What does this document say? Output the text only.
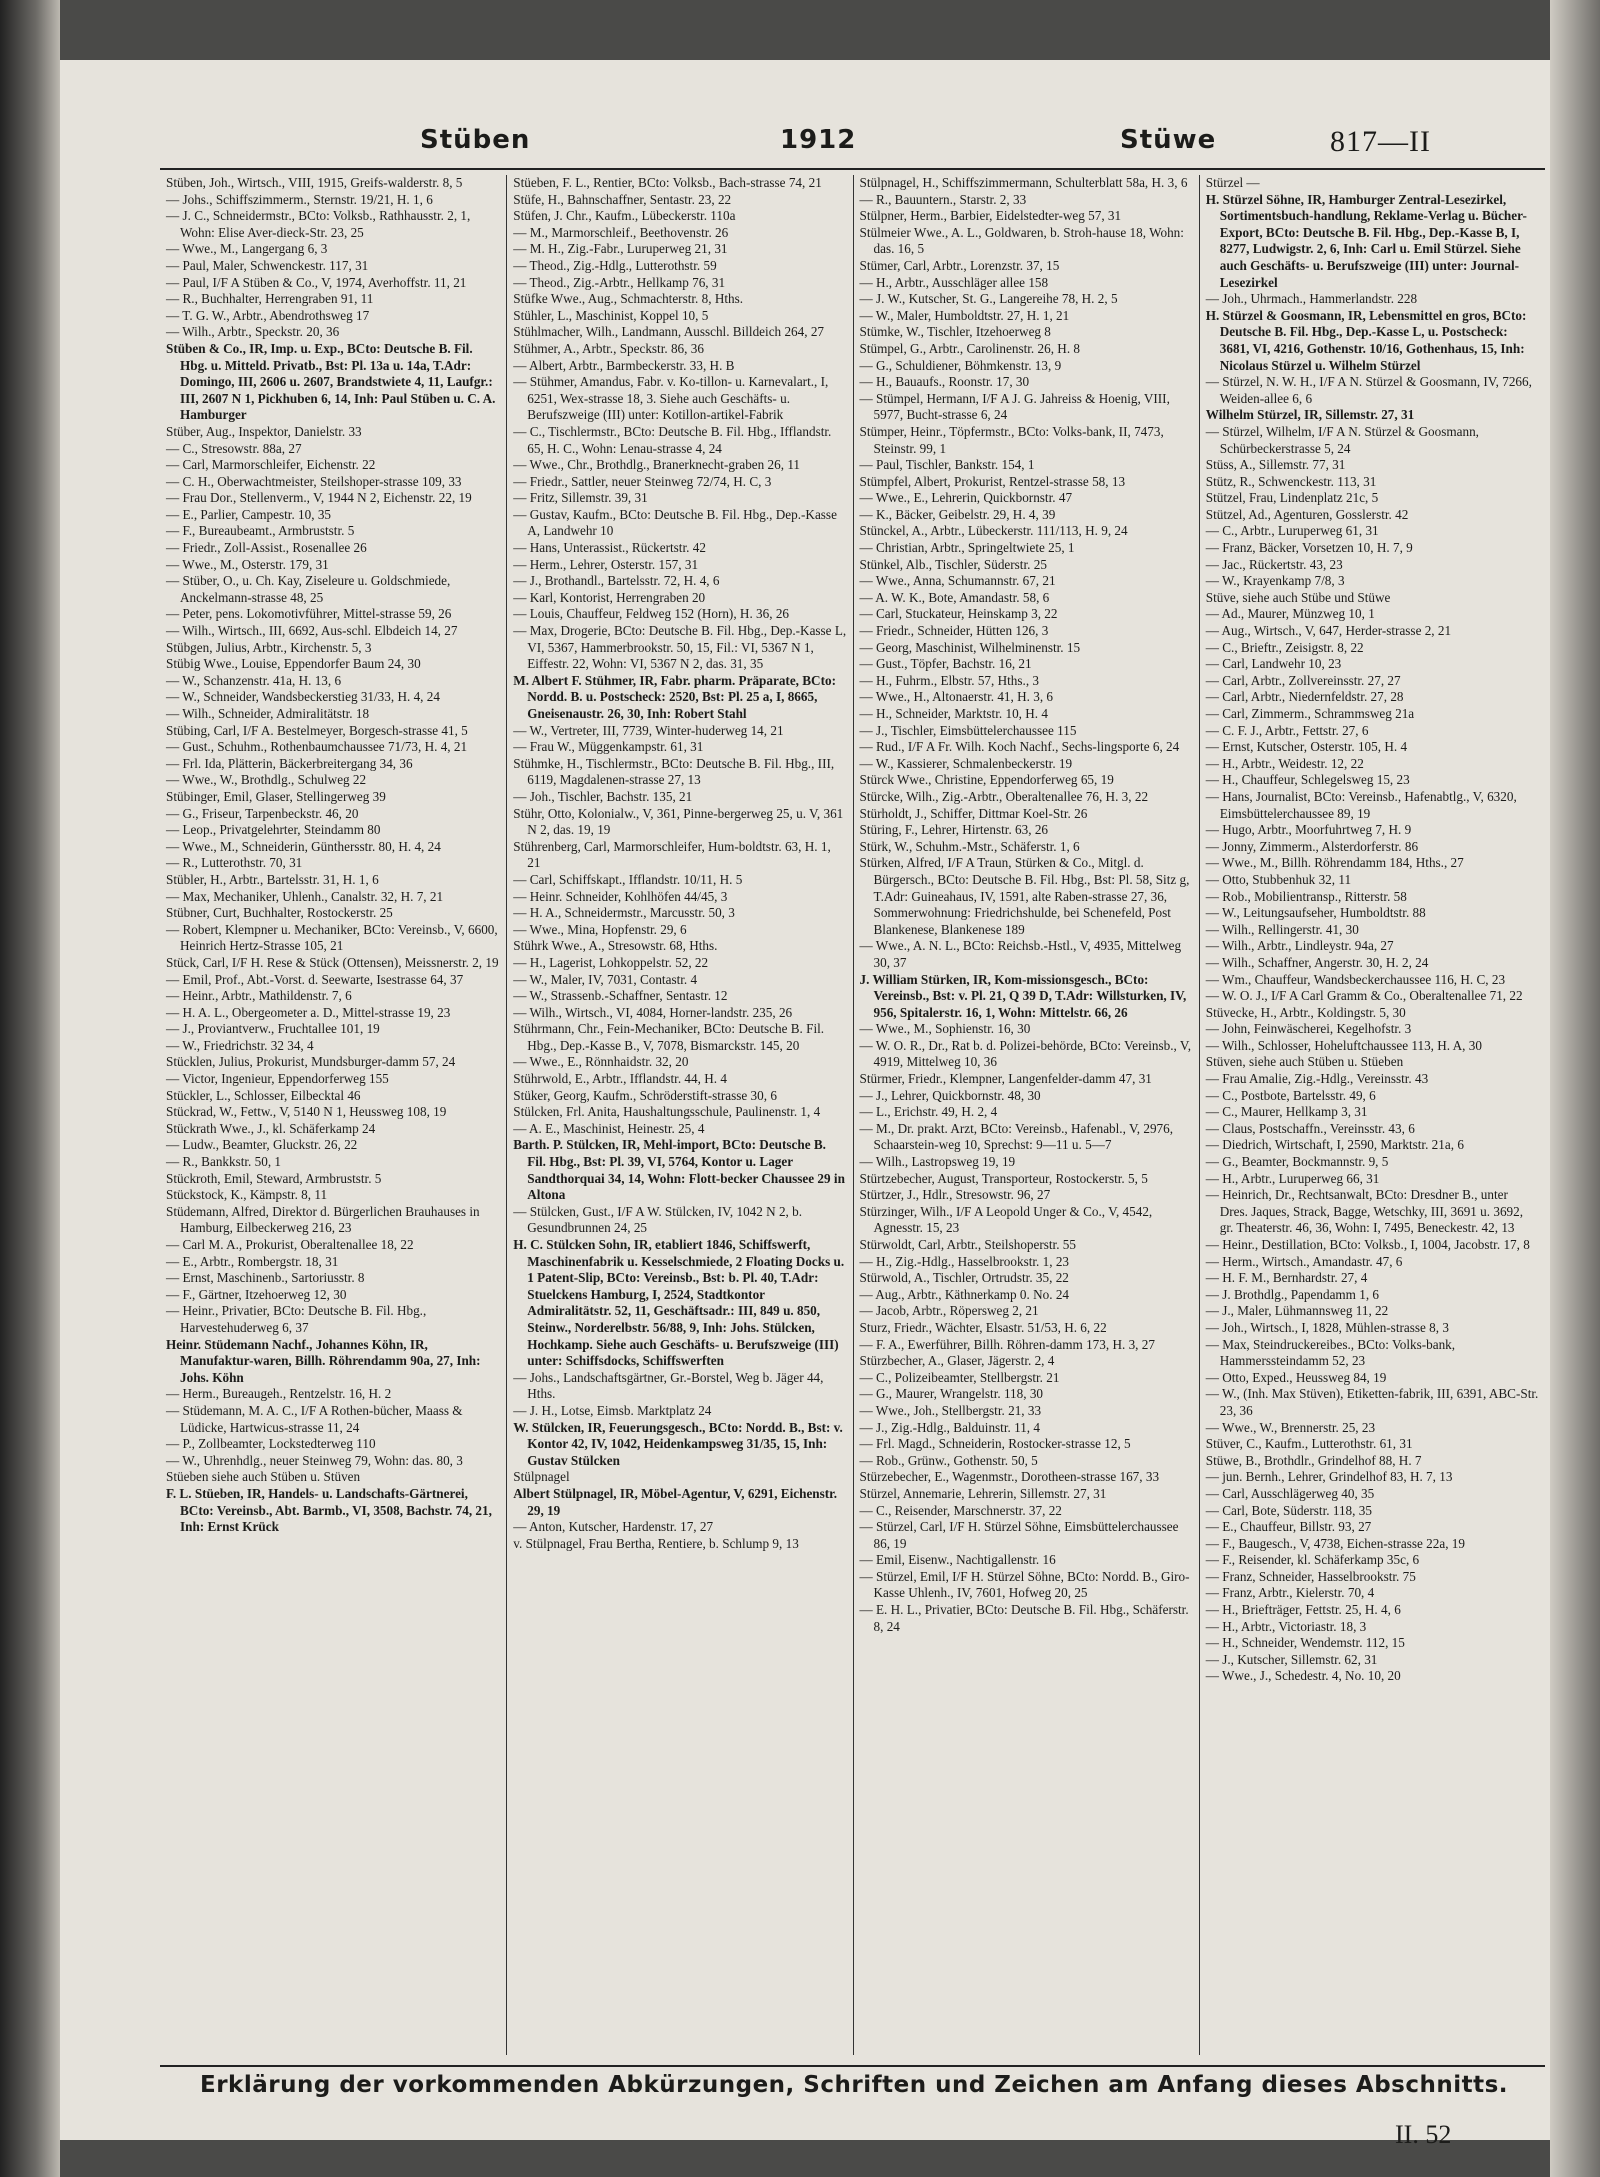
Stüben	1912	Stüwe	817—II

Stüben, Joh., Wirtsch., VIII, 1915, Greifs-walderstr. 8, 5

— Johs., Schiffszimmerm., Sternstr. 19/21, H. 1, 6

— J. C., Schneidermstr., BCto: Volksb., Rathhausstr. 2, 1, Wohn: Elise Aver-dieck-Str. 23, 25

— Wwe., M., Langergang 6, 3

— Paul, Maler, Schwenckestr. 117, 31

— Paul, I/F A Stüben & Co., V, 1974, Averhoffstr. 11, 21

— R., Buchhalter, Herrengraben 91, 11

— T. G. W., Arbtr., Abendrothsweg 17

— Wilh., Arbtr., Speckstr. 20, 36

Stüben & Co., IR, Imp. u. Exp., BCto: Deutsche B. Fil. Hbg. u. Mitteld. Privatb., Bst: Pl. 13a u. 14a, T.Adr: Domingo, III, 2606 u. 2607, Brandstwiete 4, 11, Laufgr.: III, 2607 N 1, Pickhuben 6, 14, Inh: Paul Stüben u. C. A. Hamburger

Stüber, Aug., Inspektor, Danielstr. 33

— C., Stresowstr. 88a, 27

— Carl, Marmorschleifer, Eichenstr. 22

— C. H., Oberwachtmeister, Steilshoper-strasse 109, 33

— Frau Dor., Stellenverm., V, 1944 N 2, Eichenstr. 22, 19

— E., Parlier, Campestr. 10, 35

— F., Bureaubeamt., Armbruststr. 5

— Friedr., Zoll-Assist., Rosenallee 26

— Wwe., M., Osterstr. 179, 31

— Stüber, O., u. Ch. Kay, Ziseleure u. Goldschmiede, Anckelmann-strasse 48, 25

— Peter, pens. Lokomotivführer, Mittel-strasse 59, 26

— Wilh., Wirtsch., III, 6692, Aus-schl. Elbdeich 14, 27

Stübgen, Julius, Arbtr., Kirchenstr. 5, 3

Stübig Wwe., Louise, Eppendorfer Baum 24, 30

— W., Schanzenstr. 41a, H. 13, 6

— W., Schneider, Wandsbeckerstieg 31/33, H. 4, 24

— Wilh., Schneider, Admiralitätstr. 18

Stübing, Carl, I/F A. Bestelmeyer, Borgesch-strasse 41, 5

— Gust., Schuhm., Rothenbaumchaussee 71/73, H. 4, 21

— Frl. Ida, Plätterin, Bäckerbreitergang 34, 36

— Wwe., W., Brothdlg., Schulweg 22

Stübinger, Emil, Glaser, Stellingerweg 39

— G., Friseur, Tarpenbeckstr. 46, 20

— Leop., Privatgelehrter, Steindamm 80

— Wwe., M., Schneiderin, Günthersstr. 80, H. 4, 24

— R., Lutterothstr. 70, 31

Stübler, H., Arbtr., Bartelsstr. 31, H. 1, 6

— Max, Mechaniker, Uhlenh., Canalstr. 32, H. 7, 21

Stübner, Curt, Buchhalter, Rostockerstr. 25

— Robert, Klempner u. Mechaniker, BCto: Vereinsb., V, 6600, Heinrich Hertz-Strasse 105, 21

Stück, Carl, I/F H. Rese & Stück (Ottensen), Meissnerstr. 2, 19

— Emil, Prof., Abt.-Vorst. d. Seewarte, Isestrasse 64, 37

— Heinr., Arbtr., Mathildenstr. 7, 6

— H. A. L., Obergeometer a. D., Mittel-strasse 19, 23

— J., Proviantverw., Fruchtallee 101, 19

— W., Friedrichstr. 32 34, 4

Stücklen, Julius, Prokurist, Mundsburger-damm 57, 24

— Victor, Ingenieur, Eppendorferweg 155

Stückler, L., Schlosser, Eilbecktal 46

Stückrad, W., Fettw., V, 5140 N 1, Heussweg 108, 19

Stückrath Wwe., J., kl. Schäferkamp 24

— Ludw., Beamter, Gluckstr. 26, 22

— R., Bankkstr. 50, 1

Stückroth, Emil, Steward, Armbruststr. 5

Stückstock, K., Kämpstr. 8, 11

Stüdemann, Alfred, Direktor d. Bürgerlichen Brauhauses in Hamburg, Eilbeckerweg 216, 23

— Carl M. A., Prokurist, Oberaltenallee 18, 22

— E., Arbtr., Rombergstr. 18, 31

— Ernst, Maschinenb., Sartoriusstr. 8

— F., Gärtner, Itzehoerweg 12, 30

— Heinr., Privatier, BCto: Deutsche B. Fil. Hbg., Harvestehuderweg 6, 37

Heinr. Stüdemann Nachf., Johannes Köhn, IR, Manufaktur-waren, Billh. Röhrendamm 90a, 27, Inh: Johs. Köhn

— Herm., Bureaugeh., Rentzelstr. 16, H. 2

— Stüdemann, M. A. C., I/F A Rothen-bücher, Maass & Lüdicke, Hartwicus-strasse 11, 24

— P., Zollbeamter, Lockstedterweg 110

— W., Uhrenhdlg., neuer Steinweg 79, Wohn: das. 80, 3

Stüeben siehe auch Stüben u. Stüven

F. L. Stüeben, IR, Handels- u. Landschafts-Gärtnerei, BCto: Vereinsb., Abt. Barmb., VI, 3508, Bachstr. 74, 21, Inh: Ernst Krück

Stüeben, F. L., Rentier, BCto: Volksb., Bach-strasse 74, 21

Stüfe, H., Bahnschaffner, Sentastr. 23, 22

Stüfen, J. Chr., Kaufm., Lübeckerstr. 110a

— M., Marmorschleif., Beethovenstr. 26

— M. H., Zig.-Fabr., Luruperweg 21, 31

— Theod., Zig.-Hdlg., Lutterothstr. 59

— Theod., Zig.-Arbtr., Hellkamp 76, 31

Stüfke Wwe., Aug., Schmachterstr. 8, Hths.

Stühler, L., Maschinist, Koppel 10, 5

Stühlmacher, Wilh., Landmann, Ausschl. Billdeich 264, 27

Stühmer, A., Arbtr., Speckstr. 86, 36

— Albert, Arbtr., Barmbeckerstr. 33, H. B

— Stühmer, Amandus, Fabr. v. Ko-tillon- u. Karnevalart., I, 6251, Wex-strasse 18, 3. Siehe auch Geschäfts- u. Berufszweige (III) unter: Kotillon-artikel-Fabrik

— C., Tischlermstr., BCto: Deutsche B. Fil. Hbg., Ifflandstr. 65, H. C., Wohn: Lenau-strasse 4, 24

— Wwe., Chr., Brothdlg., Branerknecht-graben 26, 11

— Friedr., Sattler, neuer Steinweg 72/74, H. C, 3

— Fritz, Sillemstr. 39, 31

— Gustav, Kaufm., BCto: Deutsche B. Fil. Hbg., Dep.-Kasse A, Landwehr 10

— Hans, Unterassist., Rückertstr. 42

— Herm., Lehrer, Osterstr. 157, 31

— J., Brothandl., Bartelsstr. 72, H. 4, 6

— Karl, Kontorist, Herrengraben 20

— Louis, Chauffeur, Feldweg 152 (Horn), H. 36, 26

— Max, Drogerie, BCto: Deutsche B. Fil. Hbg., Dep.-Kasse L, VI, 5367, Hammerbrookstr. 50, 15, Fil.: VI, 5367 N 1, Eiffestr. 22, Wohn: VI, 5367 N 2, das. 31, 35

M. Albert F. Stühmer, IR, Fabr. pharm. Präparate, BCto: Nordd. B. u. Postscheck: 2520, Bst: Pl. 25 a, I, 8665, Gneisenaustr. 26, 30, Inh: Robert Stahl

— W., Vertreter, III, 7739, Winter-huderweg 14, 21

— Frau W., Müggenkampstr. 61, 31

Stühmke, H., Tischlermstr., BCto: Deutsche B. Fil. Hbg., III, 6119, Magdalenen-strasse 27, 13

— Joh., Tischler, Bachstr. 135, 21

Stühr, Otto, Kolonialw., V, 361, Pinne-bergerweg 25, u. V, 361 N 2, das. 19, 19

Stührenberg, Carl, Marmorschleifer, Hum-boldtstr. 63, H. 1, 21

— Carl, Schiffskapt., Ifflandstr. 10/11, H. 5

— Heinr. Schneider, Kohlhöfen 44/45, 3

— H. A., Schneidermstr., Marcusstr. 50, 3

— Wwe., Mina, Hopfenstr. 29, 6

Stührk Wwe., A., Stresowstr. 68, Hths.

— H., Lagerist, Lohkoppelstr. 52, 22

— W., Maler, IV, 7031, Contastr. 4

— W., Strassenb.-Schaffner, Sentastr. 12

— Wilh., Wirtsch., VI, 4084, Horner-landstr. 235, 26

Stührmann, Chr., Fein-Mechaniker, BCto: Deutsche B. Fil. Hbg., Dep.-Kasse B., V, 7078, Bismarckstr. 145, 20

— Wwe., E., Rönnhaidstr. 32, 20

Stührwold, E., Arbtr., Ifflandstr. 44, H. 4

Stüker, Georg, Kaufm., Schröderstift-strasse 30, 6

Stülcken, Frl. Anita, Haushaltungsschule, Paulinenstr. 1, 4

— A. E., Maschinist, Heinestr. 25, 4

Barth. P. Stülcken, IR, Mehl-import, BCto: Deutsche B. Fil. Hbg., Bst: Pl. 39, VI, 5764, Kontor u. Lager Sandthorquai 34, 14, Wohn: Flott-becker Chaussee 29 in Altona

— Stülcken, Gust., I/F A W. Stülcken, IV, 1042 N 2, b. Gesundbrunnen 24, 25

H. C. Stülcken Sohn, IR, etabliert 1846, Schiffswerft, Maschinenfabrik u. Kesselschmiede, 2 Floating Docks u. 1 Patent-Slip, BCto: Vereinsb., Bst: b. Pl. 40, T.Adr: Stuelckens Hamburg, I, 2524, Stadtkontor Admiralitätstr. 52, 11, Geschäftsadr.: III, 849 u. 850, Steinw., Norderelbstr. 56/88, 9, Inh: Johs. Stülcken, Hochkamp. Siehe auch Geschäfts- u. Berufszweige (III) unter: Schiffsdocks, Schiffswerften

— Johs., Landschaftsgärtner, Gr.-Borstel, Weg b. Jäger 44, Hths.

— J. H., Lotse, Eimsb. Marktplatz 24

W. Stülcken, IR, Feuerungsgesch., BCto: Nordd. B., Bst: v. Kontor 42, IV, 1042, Heidenkampsweg 31/35, 15, Inh: Gustav Stülcken

Stülpnagel

Albert Stülpnagel, IR, Möbel-Agentur, V, 6291, Eichenstr. 29, 19

— Anton, Kutscher, Hardenstr. 17, 27

v. Stülpnagel, Frau Bertha, Rentiere, b. Schlump 9, 13

Stülpnagel, H., Schiffszimmermann, Schulterblatt 58a, H. 3, 6

— R., Bauuntern., Starstr. 2, 33

Stülpner, Herm., Barbier, Eidelstedter-weg 57, 31

Stülmeier Wwe., A. L., Goldwaren, b. Stroh-hause 18, Wohn: das. 16, 5

Stümer, Carl, Arbtr., Lorenzstr. 37, 15

— H., Arbtr., Ausschläger allee 158

— J. W., Kutscher, St. G., Langereihe 78, H. 2, 5

— W., Maler, Humboldtstr. 27, H. 1, 21

Stümke, W., Tischler, Itzehoerweg 8

Stümpel, G., Arbtr., Carolinenstr. 26, H. 8

— G., Schuldiener, Böhmkenstr. 13, 9

— H., Bauaufs., Roonstr. 17, 30

— Stümpel, Hermann, I/F A J. G. Jahreiss & Hoenig, VIII, 5977, Bucht-strasse 6, 24

Stümper, Heinr., Töpfermstr., BCto: Volks-bank, II, 7473, Steinstr. 99, 1

— Paul, Tischler, Bankstr. 154, 1

Stümpfel, Albert, Prokurist, Rentzel-strasse 58, 13

— Wwe., E., Lehrerin, Quickbornstr. 47

— K., Bäcker, Geibelstr. 29, H. 4, 39

Stünckel, A., Arbtr., Lübeckerstr. 111/113, H. 9, 24

— Christian, Arbtr., Springeltwiete 25, 1

Stünkel, Alb., Tischler, Süderstr. 25

— Wwe., Anna, Schumannstr. 67, 21

— A. W. K., Bote, Amandastr. 58, 6

— Carl, Stuckateur, Heinskamp 3, 22

— Friedr., Schneider, Hütten 126, 3

— Georg, Maschinist, Wilhelminenstr. 15

— Gust., Töpfer, Bachstr. 16, 21

— H., Fuhrm., Elbstr. 57, Hths., 3

— Wwe., H., Altonaerstr. 41, H. 3, 6

— H., Schneider, Marktstr. 10, H. 4

— J., Tischler, Eimsbüttelerchaussee 115

— Rud., I/F A Fr. Wilh. Koch Nachf., Sechs-lingsporte 6, 24

— W., Kassierer, Schmalenbeckerstr. 19

Stürck Wwe., Christine, Eppendorferweg 65, 19

Stürcke, Wilh., Zig.-Arbtr., Oberaltenallee 76, H. 3, 22

Stürholdt, J., Schiffer, Dittmar Koel-Str. 26

Stüring, F., Lehrer, Hirtenstr. 63, 26

Stürk, W., Schuhm.-Mstr., Schäferstr. 1, 6

Stürken, Alfred, I/F A Traun, Stürken & Co., Mitgl. d. Bürgersch., BCto: Deutsche B. Fil. Hbg., Bst: Pl. 58, Sitz g, T.Adr: Guineahaus, IV, 1591, alte Raben-strasse 27, 36, Sommerwohnung: Friedrichshulde, bei Schenefeld, Post Blankenese, Blankenese 189

— Wwe., A. N. L., BCto: Reichsb.-Hstl., V, 4935, Mittelweg 30, 37

J. William Stürken, IR, Kom-missionsgesch., BCto: Vereinsb., Bst: v. Pl. 21, Q 39 D, T.Adr: Willsturken, IV, 956, Spitalerstr. 16, 1, Wohn: Mittelstr. 66, 26

— Wwe., M., Sophienstr. 16, 30

— W. O. R., Dr., Rat b. d. Polizei-behörde, BCto: Vereinsb., V, 4919, Mittelweg 10, 36

Stürmer, Friedr., Klempner, Langenfelder-damm 47, 31

— J., Lehrer, Quickbornstr. 48, 30

— L., Erichstr. 49, H. 2, 4

— M., Dr. prakt. Arzt, BCto: Vereinsb., Hafenabl., V, 2976, Schaarstein-weg 10, Sprechst: 9—11 u. 5—7

— Wilh., Lastropsweg 19, 19

Stürtzebecher, August, Transporteur, Rostockerstr. 5, 5

Stürtzer, J., Hdlr., Stresowstr. 96, 27

Stürzinger, Wilh., I/F A Leopold Unger & Co., V, 4542, Agnesstr. 15, 23

Stürwoldt, Carl, Arbtr., Steilshoperstr. 55

— H., Zig.-Hdlg., Hasselbrookstr. 1, 23

Stürwold, A., Tischler, Ortrudstr. 35, 22

— Aug., Arbtr., Käthnerkamp 0. No. 24

— Jacob, Arbtr., Röpersweg 2, 21

Sturz, Friedr., Wächter, Elsastr. 51/53, H. 6, 22

— F. A., Ewerführer, Billh. Röhren-damm 173, H. 3, 27

Stürzbecher, A., Glaser, Jägerstr. 2, 4

— C., Polizeibeamter, Stellbergstr. 21

— G., Maurer, Wrangelstr. 118, 30

— Wwe., Joh., Stellbergstr. 21, 33

— J., Zig.-Hdlg., Balduinstr. 11, 4

— Frl. Magd., Schneiderin, Rostocker-strasse 12, 5

— Rob., Grünw., Gothenstr. 50, 5

Stürzebecher, E., Wagenmstr., Dorotheen-strasse 167, 33

Stürzel, Annemarie, Lehrerin, Sillemstr. 27, 31

— C., Reisender, Marschnerstr. 37, 22

— Stürzel, Carl, I/F H. Stürzel Söhne, Eimsbüttelerchaussee 86, 19

— Emil, Eisenw., Nachtigallenstr. 16

— Stürzel, Emil, I/F H. Stürzel Söhne, BCto: Nordd. B., Giro-Kasse Uhlenh., IV, 7601, Hofweg 20, 25

— E. H. L., Privatier, BCto: Deutsche B. Fil. Hbg., Schäferstr. 8, 24

Stürzel —

H. Stürzel Söhne, IR, Hamburger Zentral-Lesezirkel, Sortimentsbuch-handlung, Reklame-Verlag u. Bücher-Export, BCto: Deutsche B. Fil. Hbg., Dep.-Kasse B, I, 8277, Ludwigstr. 2, 6, Inh: Carl u. Emil Stürzel. Siehe auch Geschäfts- u. Berufszweige (III) unter: Journal-Lesezirkel

— Joh., Uhrmach., Hammerlandstr. 228

H. Stürzel & Goosmann, IR, Lebensmittel en gros, BCto: Deutsche B. Fil. Hbg., Dep.-Kasse L, u. Postscheck: 3681, VI, 4216, Gothenstr. 10/16, Gothenhaus, 15, Inh: Nicolaus Stürzel u. Wilhelm Stürzel

— Stürzel, N. W. H., I/F A N. Stürzel & Goosmann, IV, 7266, Weiden-allee 6, 6

Wilhelm Stürzel, IR, Sillemstr. 27, 31

— Stürzel, Wilhelm, I/F A N. Stürzel & Goosmann, Schürbeckerstrasse 5, 24

Stüss, A., Sillemstr. 77, 31

Stütz, R., Schwenckestr. 113, 31

Stützel, Frau, Lindenplatz 21c, 5

Stützel, Ad., Agenturen, Gosslerstr. 42

— C., Arbtr., Luruperweg 61, 31

— Franz, Bäcker, Vorsetzen 10, H. 7, 9

— Jac., Rückertstr. 43, 23

— W., Krayenkamp 7/8, 3

Stüve, siehe auch Stübe und Stüwe

— Ad., Maurer, Münzweg 10, 1

— Aug., Wirtsch., V, 647, Herder-strasse 2, 21

— C., Brieftr., Zeisigstr. 8, 22

— Carl, Landwehr 10, 23

— Carl, Arbtr., Zollvereinsstr. 27, 27

— Carl, Arbtr., Niedernfeldstr. 27, 28

— Carl, Zimmerm., Schrammsweg 21a

— C. F. J., Arbtr., Fettstr. 27, 6

— Ernst, Kutscher, Osterstr. 105, H. 4

— H., Arbtr., Weidestr. 12, 22

— H., Chauffeur, Schlegelsweg 15, 23

— Hans, Journalist, BCto: Vereinsb., Hafenabtlg., V, 6320, Eimsbüttelerchaussee 89, 19

— Hugo, Arbtr., Moorfuhrtweg 7, H. 9

— Jonny, Zimmerm., Alsterdorferstr. 86

— Wwe., M., Billh. Röhrendamm 184, Hths., 27

— Otto, Stubbenhuk 32, 11

— Rob., Mobilientransp., Ritterstr. 58

— W., Leitungsaufseher, Humboldtstr. 88

— Wilh., Rellingerstr. 41, 30

— Wilh., Arbtr., Lindleystr. 94a, 27

— Wilh., Schaffner, Angerstr. 30, H. 2, 24

— Wm., Chauffeur, Wandsbeckerchaussee 116, H. C, 23

— W. O. J., I/F A Carl Gramm & Co., Oberaltenallee 71, 22

Stüvecke, H., Arbtr., Koldingstr. 5, 30

— John, Feinwäscherei, Kegelhofstr. 3

— Wilh., Schlosser, Hoheluftchaussee 113, H. A, 30

Stüven, siehe auch Stüben u. Stüeben

— Frau Amalie, Zig.-Hdlg., Vereinsstr. 43

— C., Postbote, Bartelsstr. 49, 6

— C., Maurer, Hellkamp 3, 31

— Claus, Postschaffn., Vereinsstr. 43, 6

— Diedrich, Wirtschaft, I, 2590, Marktstr. 21a, 6

— G., Beamter, Bockmannstr. 9, 5

— H., Arbtr., Luruperweg 66, 31

— Heinrich, Dr., Rechtsanwalt, BCto: Dresdner B., unter Dres. Jaques, Strack, Bagge, Wetschky, III, 3691 u. 3692, gr. Theaterstr. 46, 36, Wohn: I, 7495, Beneckestr. 42, 13

— Heinr., Destillation, BCto: Volksb., I, 1004, Jacobstr. 17, 8

— Herm., Wirtsch., Amandastr. 47, 6

— H. F. M., Bernhardstr. 27, 4

— J. Brothdlg., Papendamm 1, 6

— J., Maler, Lühmannsweg 11, 22

— Joh., Wirtsch., I, 1828, Mühlen-strasse 8, 3

— Max, Steindruckereibes., BCto: Volks-bank, Hammerssteindamm 52, 23

— Otto, Exped., Heussweg 84, 19

— W., (Inh. Max Stüven), Etiketten-fabrik, III, 6391, ABC-Str. 23, 36

— Wwe., W., Brennerstr. 25, 23

Stüver, C., Kaufm., Lutterothstr. 61, 31

Stüwe, B., Brothdlr., Grindelhof 88, H. 7

— jun. Bernh., Lehrer, Grindelhof 83, H. 7, 13

— Carl, Ausschlägerweg 40, 35

— Carl, Bote, Süderstr. 118, 35

— E., Chauffeur, Billstr. 93, 27

— F., Baugesch., V, 4738, Eichen-strasse 22a, 19

— F., Reisender, kl. Schäferkamp 35c, 6

— Franz, Schneider, Hasselbrookstr. 75

— Franz, Arbtr., Kielerstr. 70, 4

— H., Briefträger, Fettstr. 25, H. 4, 6

— H., Arbtr., Victoriastr. 18, 3

— H., Schneider, Wendemstr. 112, 15

— J., Kutscher, Sillemstr. 62, 31

— Wwe., J., Schedestr. 4, No. 10, 20

Erklärung der vorkommenden Abkürzungen, Schriften und Zeichen am Anfang dieses Abschnitts.
II. 52
